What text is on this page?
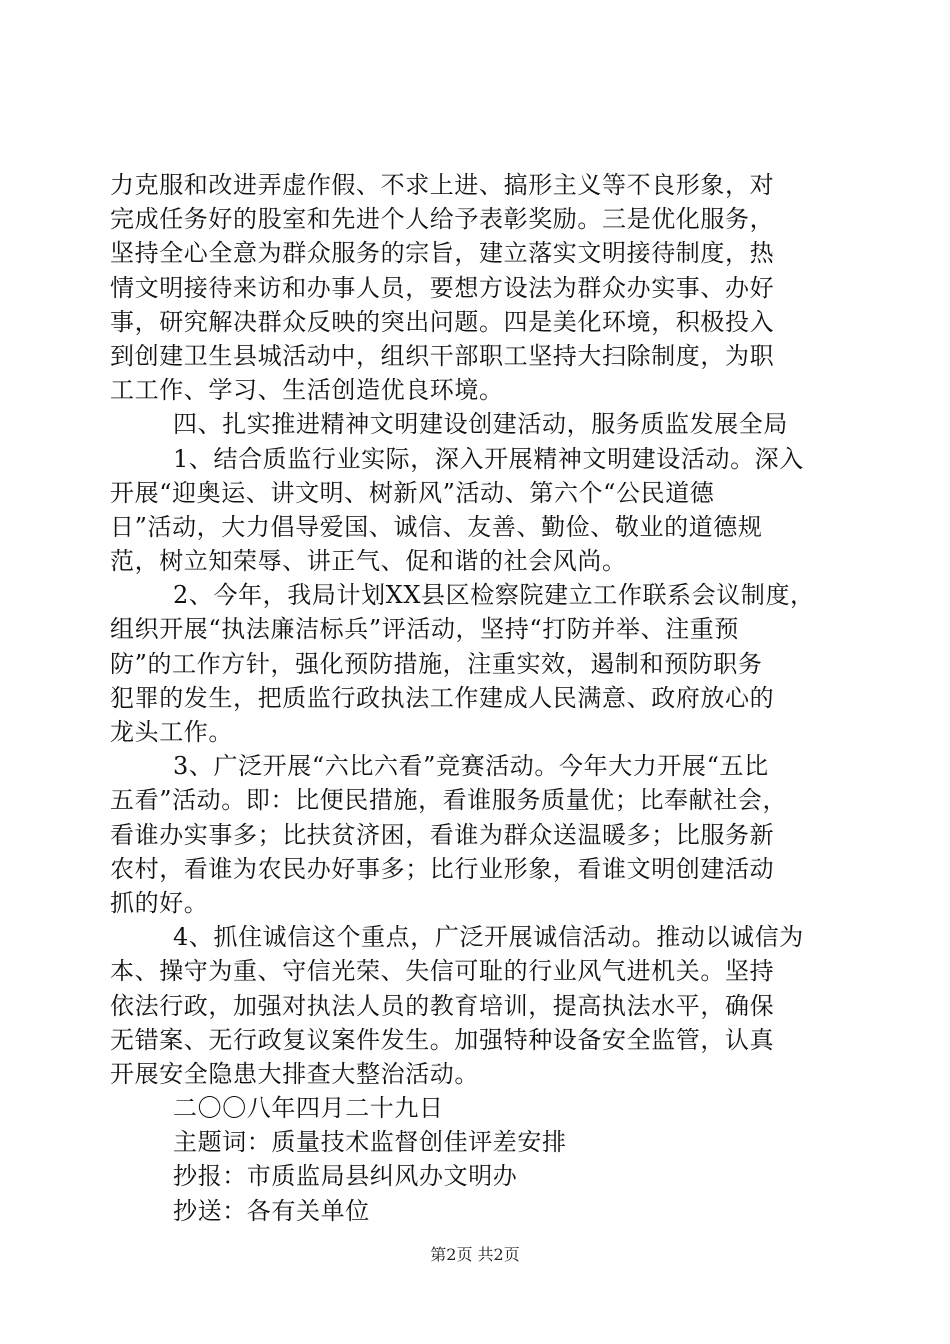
力克服和改进弄虚作假、不求上进、搞形主义等不良形象，对
完成任务好的股室和先进个人给予表彰奖励。三是优化服务，
坚持全心全意为群众服务的宗旨，建立落实文明接待制度，热
情文明接待来访和办事人员，要想方设法为群众办实事、办好
事，研究解决群众反映的突出问题。四是美化环境，积极投入
到创建卫生县城活动中，组织干部职工坚持大扫除制度，为职
工工作、学习、生活创造优良环境。
四、扎实推进精神文明建设创建活动，服务质监发展全局
1、结合质监行业实际，深入开展精神文明建设活动。深入
开展“迎奥运、讲文明、树新风”活动、第六个“公民道德
日”活动，大力倡导爱国、诚信、友善、勤俭、敬业的道德规
范，树立知荣辱、讲正气、促和谐的社会风尚。
2、今年，我局计划XX县区检察院建立工作联系会议制度，
组织开展“执法廉洁标兵”评活动，坚持“打防并举、注重预
防”的工作方针，强化预防措施，注重实效，遏制和预防职务
犯罪的发生，把质监行政执法工作建成人民满意、政府放心的
龙头工作。
3、广泛开展“六比六看”竞赛活动。今年大力开展“五比
五看”活动。即：比便民措施，看谁服务质量优；比奉献社会，
看谁办实事多；比扶贫济困，看谁为群众送温暖多；比服务新
农村，看谁为农民办好事多；比行业形象，看谁文明创建活动
抓的好。
4、抓住诚信这个重点，广泛开展诚信活动。推动以诚信为
本、操守为重、守信光荣、失信可耻的行业风气进机关。坚持
依法行政，加强对执法人员的教育培训，提高执法水平，确保
无错案、无行政复议案件发生。加强特种设备安全监管，认真
开展安全隐患大排查大整治活动。
二〇〇八年四月二十九日
主题词：质量技术监督创佳评差安排
抄报：市质监局县纠风办文明办
抄送：各有关单位
第2页 共2页
